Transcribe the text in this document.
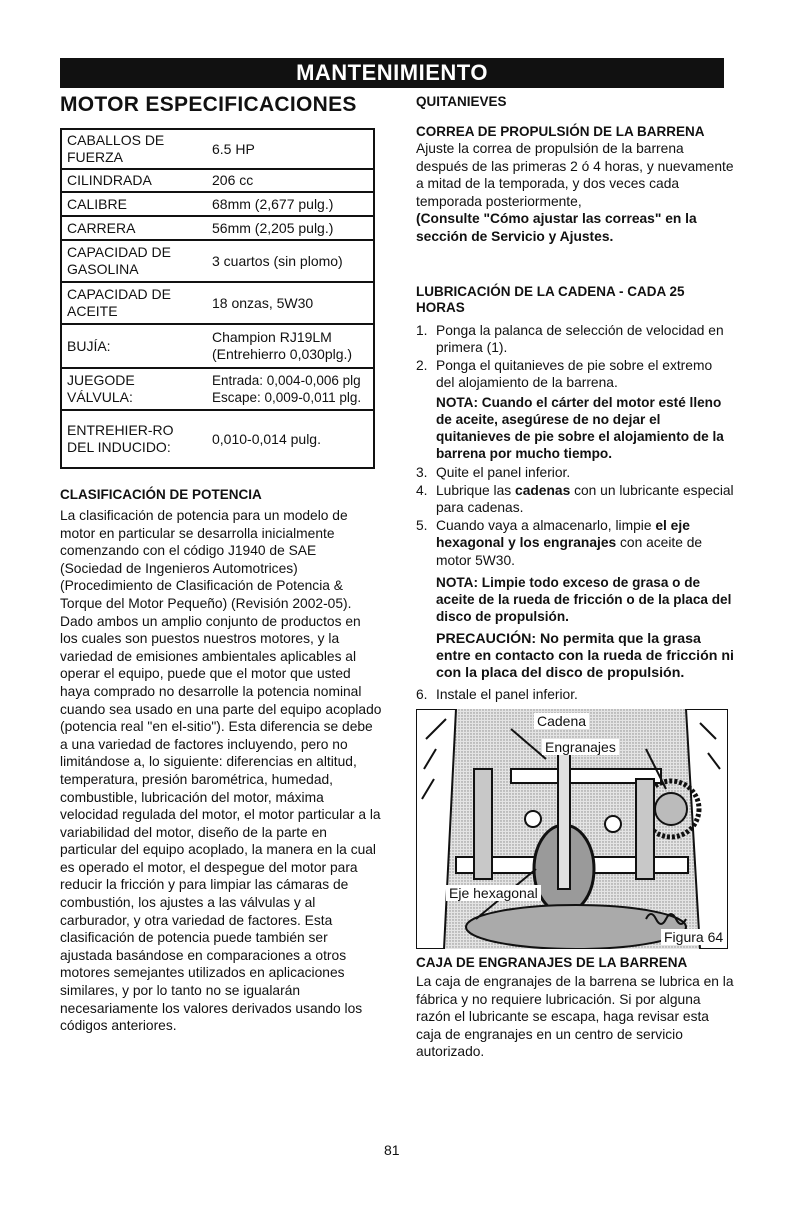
MANTENIMIENTO
MOTOR ESPECIFICACIONES
CABALLOS DE FUERZA	6.5 HP
CILINDRADA	206 cc
CALIBRE	68mm (2,677 pulg.)
CARRERA	56mm (2,205 pulg.)
CAPACIDAD DE GASOLINA	3 cuartos (sin plomo)
CAPACIDAD DE ACEITE	18 onzas, 5W30
BUJÍA:	Champion RJ19LM (Entrehierro 0,030plg.)
JUEGODE VÁLVULA:	Entrada: 0,004-0,006 plg Escape: 0,009-0,011 plg.
ENTREHIER-RO DEL INDUCIDO:	0,010-0,014 pulg.
CLASIFICACIÓN DE POTENCIA
La clasificación de potencia para un modelo de motor en particular se desarrolla inicialmente comenzando con el código J1940 de SAE (Sociedad de Ingenieros Automotrices) (Procedimiento de Clasificación de Potencia & Torque del Motor Pequeño) (Revisión 2002-05). Dado ambos un amplio conjunto de productos en los cuales son puestos nuestros motores, y la variedad de emisiones ambientales aplicables al operar el equipo, puede que el motor que usted haya comprado no desarrolle la potencia nominal cuando sea usado en una parte del equipo acoplado (potencia real "en el-sitio"). Esta diferencia se debe a una variedad de factores incluyendo, pero no limitándose a, lo siguiente: diferencias en altitud, temperatura, presión barométrica, humedad, combustible, lubricación del motor, máxima velocidad regulada del motor, el motor particular a la variabilidad del motor, diseño de la parte en particular del equipo acoplado, la manera en la cual es operado el motor, el despegue del motor para reducir la fricción y para limpiar las cámaras de combustión, los ajustes a las válvulas y al carburador, y otra variedad de factores. Esta clasificación de potencia puede también ser ajustada basándose en comparaciones a otros motores semejantes utilizados en aplicaciones similares, y por lo tanto no se igualarán necesariamente los valores derivados usando los códigos anteriores.
QUITANIEVES
CORREA DE PROPULSIÓN DE LA BARRENA
Ajuste la correa de propulsión de la barrena después de las primeras 2 ó 4 horas, y nuevamente a mitad de la temporada, y dos veces cada temporada posteriormente,
(Consulte "Cómo ajustar las correas" en la sección de Servicio y Ajustes.
LUBRICACIÓN DE LA CADENA - CADA 25 HORAS
1. Ponga la palanca de selección de velocidad en primera (1).
2. Ponga el quitanieves de pie sobre el extremo del alojamiento de la barrena.
NOTA: Cuando el cárter del motor esté lleno de aceite, asegúrese de no dejar el quitanieves de pie sobre el alojamiento de la barrena por mucho tiempo.
3. Quite el panel inferior.
4. Lubrique las cadenas con un lubricante especial para cadenas.
5. Cuando vaya a almacenarlo, limpie el eje hexagonal y los engranajes con aceite de motor 5W30.
NOTA: Limpie todo exceso de grasa o de aceite de la rueda de fricción o de la placa del disco de propulsión.
PRECAUCIÓN: No permita que la grasa entre en contacto con la rueda de fricción ni con la placa del disco de propulsión.
6. Instale el panel inferior.
Cadena
Engranajes
Eje hexagonal
Figura 64
CAJA DE ENGRANAJES DE LA BARRENA
La caja de engranajes de la barrena se lubrica en la fábrica y no requiere lubricación. Si por alguna razón el lubricante se escapa, haga revisar esta caja de engranajes en un centro de servicio autorizado.
81
